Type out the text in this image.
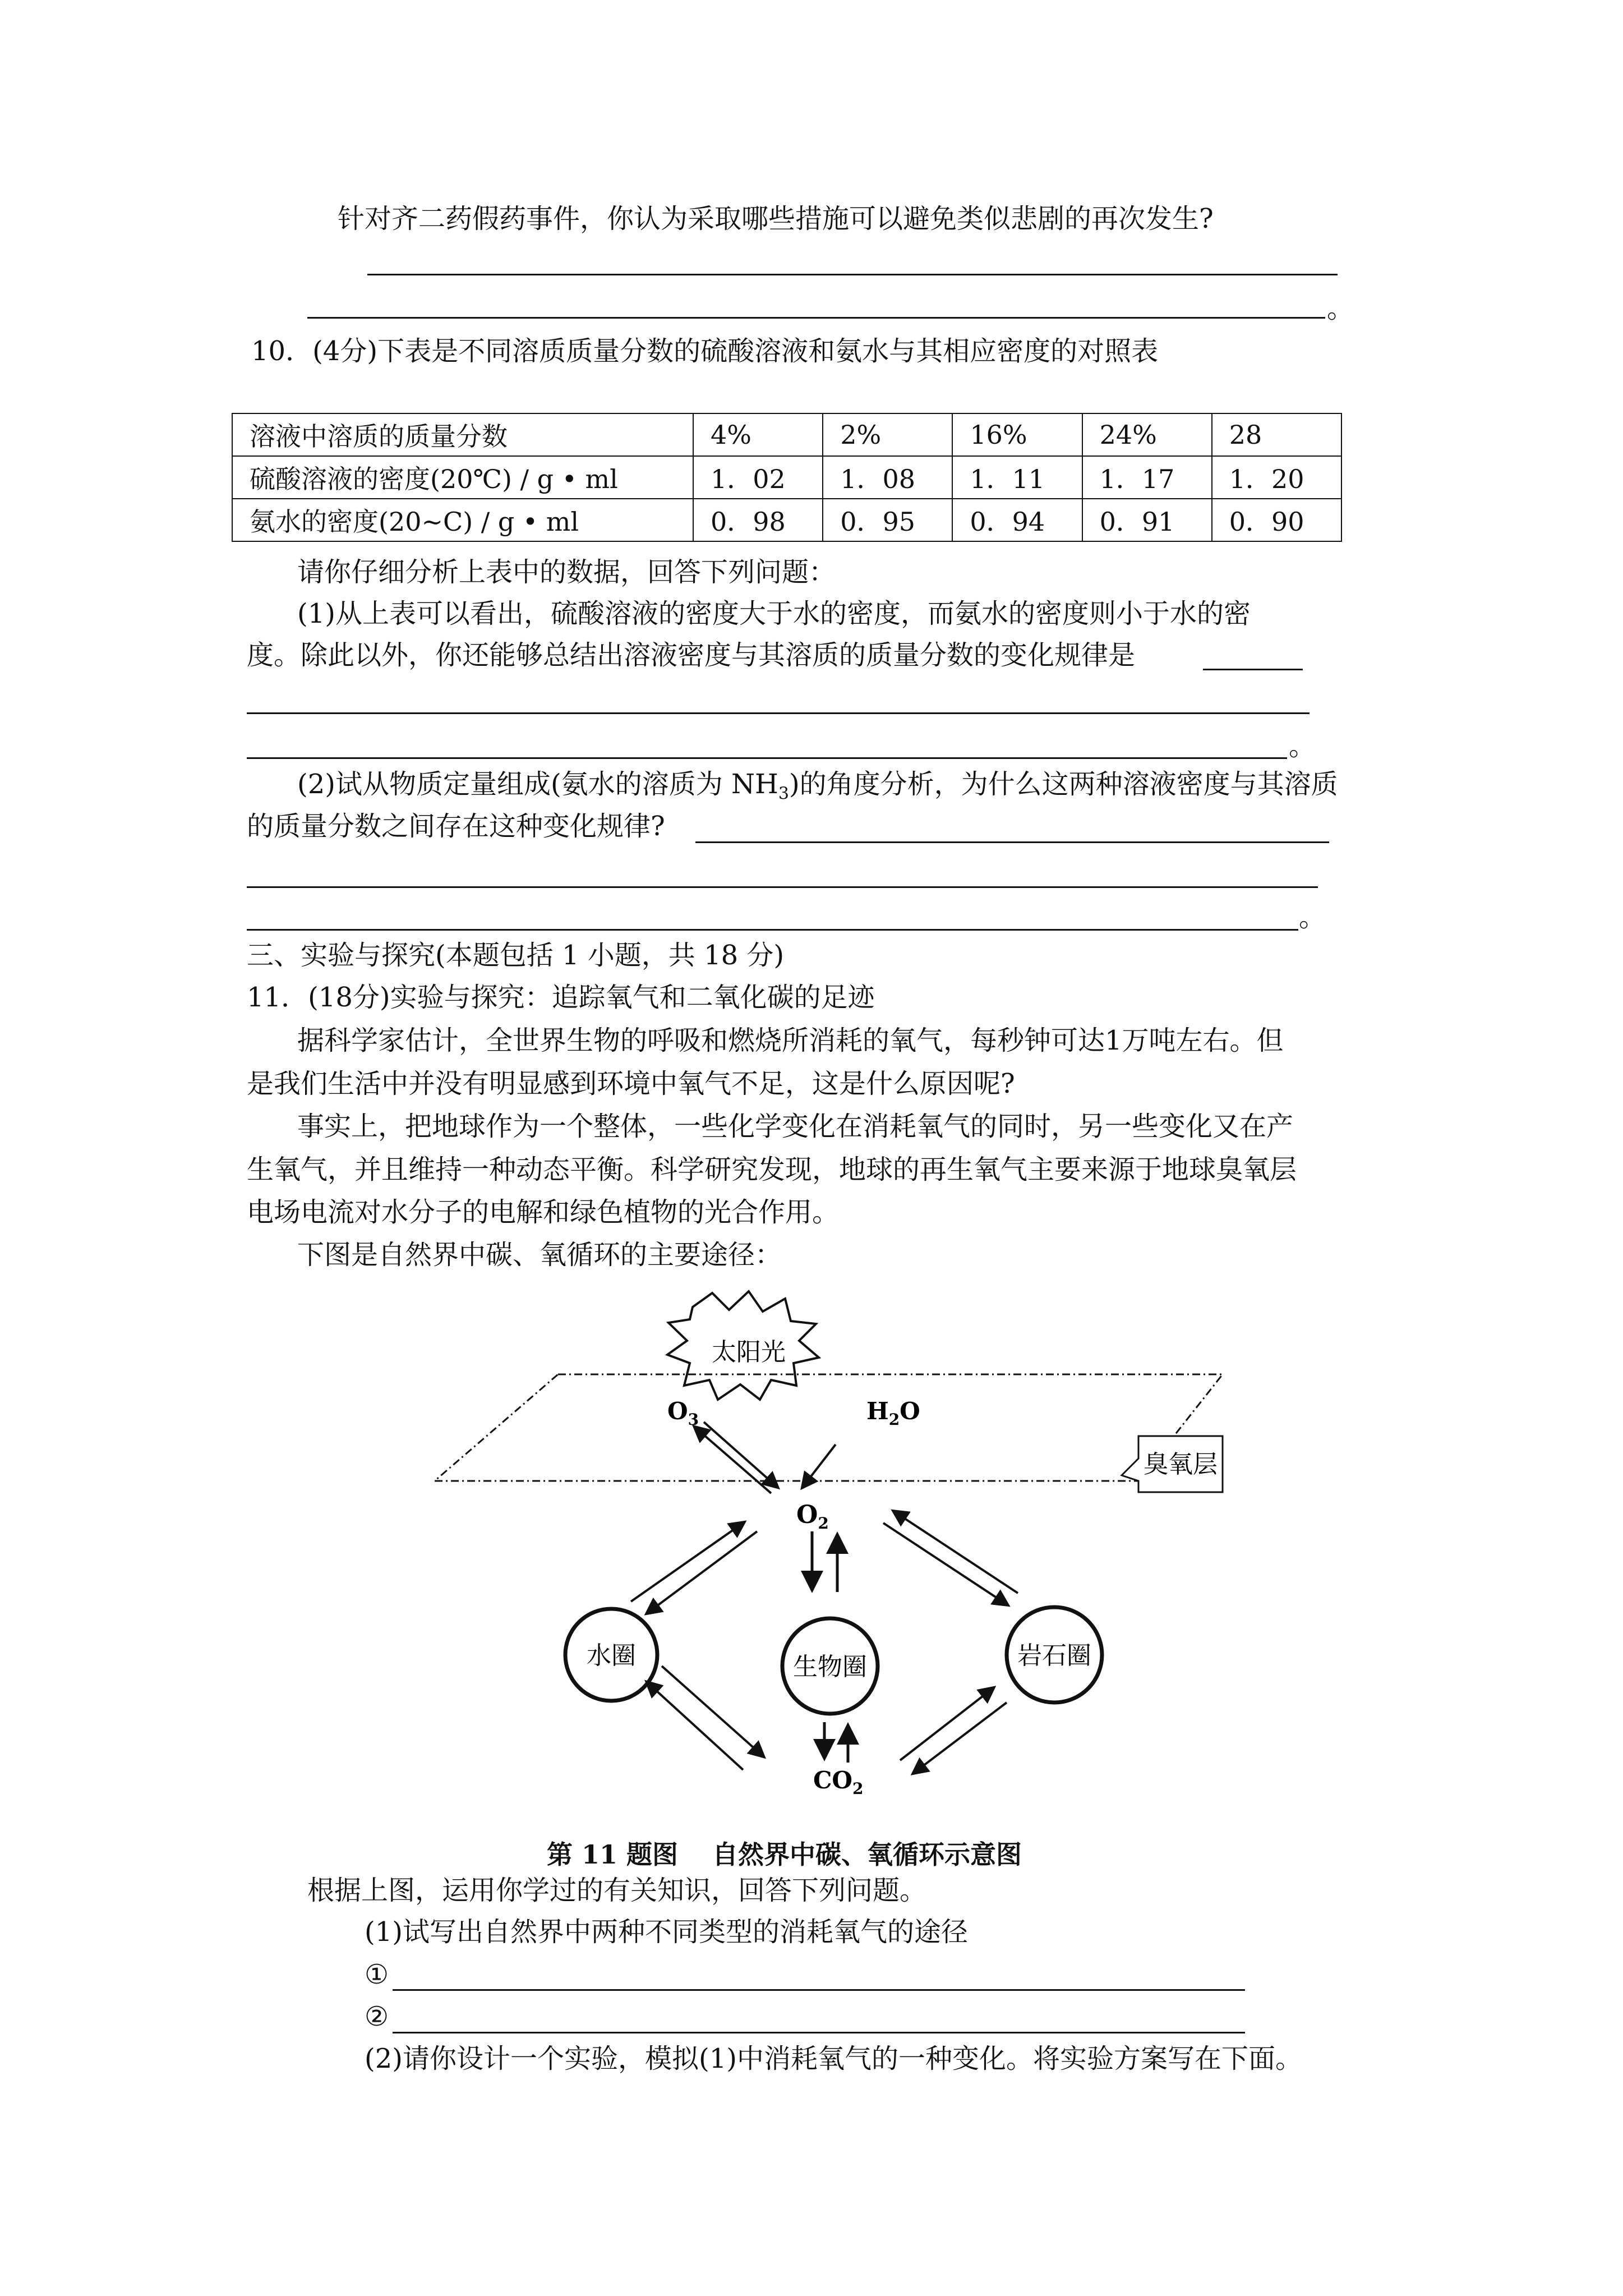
针对齐二药假药事件，你认为采取哪些措施可以避免类似悲剧的再次发生?
。
10．(4分)下表是不同溶质质量分数的硫酸溶液和氨水与其相应密度的对照表
溶液中溶质的质量分数	4%	2%	16%	24%	28
硫酸溶液的密度(20℃) / g • ml	1．02	1．08	1．11	1．17	1．20
氨水的密度(20~C) / g • ml	0．98	0．95	0．94	0．91	0．90
请你仔细分析上表中的数据，回答下列问题：
(1)从上表可以看出，硫酸溶液的密度大于水的密度，而氨水的密度则小于水的密
度。除此以外，你还能够总结出溶液密度与其溶质的质量分数的变化规律是
。
(2)试从物质定量组成(氨水的溶质为 $NH_3$)的角度分析，为什么这两种溶液密度与其溶质
的质量分数之间存在这种变化规律?
。
三、实验与探究(本题包括 1 小题，共 18 分)
11．(18分)实验与探究：追踪氧气和二氧化碳的足迹
据科学家估计，全世界生物的呼吸和燃烧所消耗的氧气，每秒钟可达1万吨左右。但
是我们生活中并没有明显感到环境中氧气不足，这是什么原因呢?
事实上，把地球作为一个整体，一些化学变化在消耗氧气的同时，另一些变化又在产
生氧气，并且维持一种动态平衡。科学研究发现，地球的再生氧气主要来源于地球臭氧层
电场电流对水分子的电解和绿色植物的光合作用。
下图是自然界中碳、氧循环的主要途径：
太阳光
臭氧层
$O_3$	$H_2O$
$O_2$
水圈	生物圈	岩石圈
$CO_2$
第 11 题图 自然界中碳、氧循环示意图
根据上图，运用你学过的有关知识，回答下列问题。
(1)试写出自然界中两种不同类型的消耗氧气的途径
①
②
(2)请你设计一个实验，模拟(1)中消耗氧气的一种变化。将实验方案写在下面。
